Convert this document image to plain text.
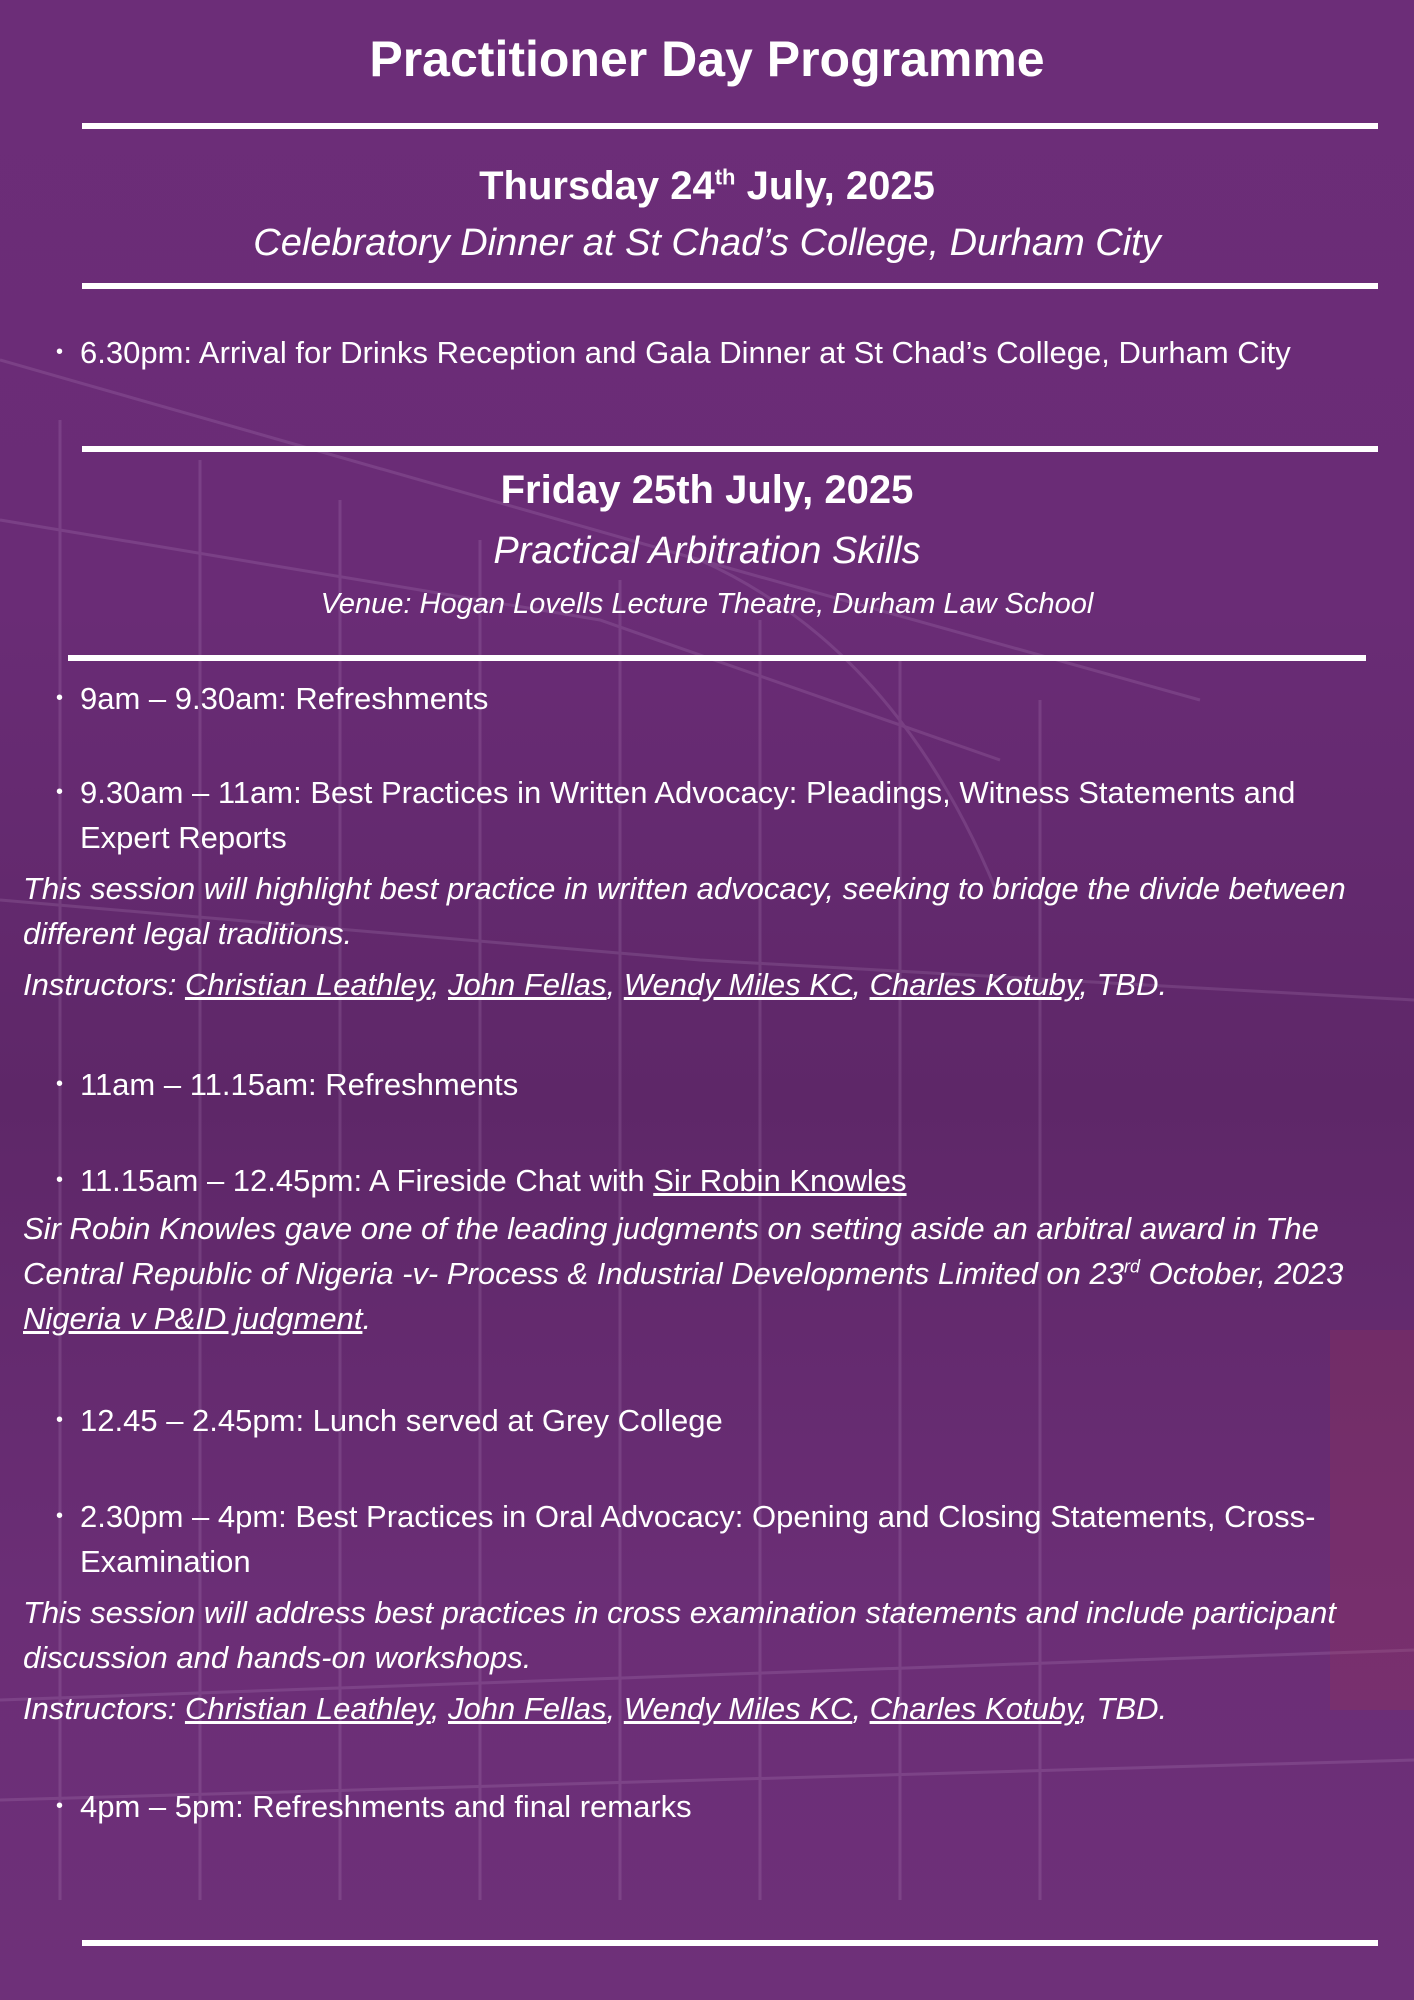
Practitioner Day Programme
Thursday 24th July, 2025
Celebratory Dinner at St Chad’s College, Durham City
• 6.30pm: Arrival for Drinks Reception and Gala Dinner at St Chad’s College, Durham City
Friday 25th July, 2025
Practical Arbitration Skills
Venue: Hogan Lovells Lecture Theatre, Durham Law School
• 9am – 9.30am: Refreshments
• 9.30am – 11am: Best Practices in Written Advocacy: Pleadings, Witness Statements and Expert Reports
This session will highlight best practice in written advocacy, seeking to bridge the divide between different legal traditions.
Instructors: Christian Leathley, John Fellas, Wendy Miles KC, Charles Kotuby, TBD.
• 11am – 11.15am: Refreshments
• 11.15am – 12.45pm: A Fireside Chat with Sir Robin Knowles
Sir Robin Knowles gave one of the leading judgments on setting aside an arbitral award in The Central Republic of Nigeria -v- Process & Industrial Developments Limited on 23rd October, 2023 Nigeria v P&ID judgment.
• 12.45 – 2.45pm: Lunch served at Grey College
• 2.30pm – 4pm: Best Practices in Oral Advocacy: Opening and Closing Statements, Cross-Examination
This session will address best practices in cross examination statements and include participant discussion and hands-on workshops.
Instructors: Christian Leathley, John Fellas, Wendy Miles KC, Charles Kotuby, TBD.
• 4pm – 5pm: Refreshments and final remarks
